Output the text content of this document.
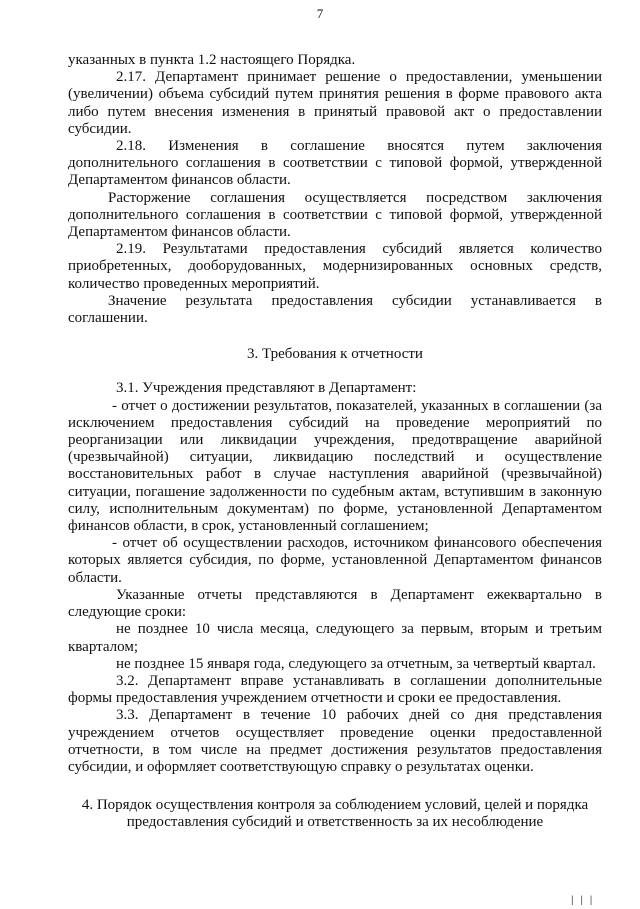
7

указанных в пункта 1.2 настоящего Порядка.

2.17. Департамент принимает решение о предоставлении, уменьшении (увеличении) объема субсидий путем принятия решения в форме правового акта либо путем внесения изменения в принятый правовой акт о предоставлении субсидии.

2.18. Изменения в соглашение вносятся путем заключения дополнительного соглашения в соответствии с типовой формой, утвержденной Департаментом финансов области.

Расторжение соглашения осуществляется посредством заключения дополнительного соглашения в соответствии с типовой формой, утвержденной Департаментом финансов области.

2.19. Результатами предоставления субсидий является количество приобретенных, дооборудованных, модернизированных основных средств, количество проведенных мероприятий.

Значение результата предоставления субсидии устанавливается в соглашении.

3. Требования к отчетности

3.1. Учреждения представляют в Департамент:

- отчет о достижении результатов, показателей, указанных в соглашении (за исключением предоставления субсидий на проведение мероприятий по реорганизации или ликвидации учреждения, предотвращение аварийной (чрезвычайной) ситуации, ликвидацию последствий и осуществление восстановительных работ в случае наступления аварийной (чрезвычайной) ситуации, погашение задолженности по судебным актам, вступившим в законную силу, исполнительным документам) по форме, установленной Департаментом финансов области, в срок, установленный соглашением;

- отчет об осуществлении расходов, источником финансового обеспечения которых является субсидия, по форме, установленной Департаментом финансов области.

Указанные отчеты представляются в Департамент ежеквартально в следующие сроки:

не позднее 10 числа месяца, следующего за первым, вторым и третьим кварталом;

не позднее 15 января года, следующего за отчетным, за четвертый квартал.

3.2. Департамент вправе устанавливать в соглашении дополнительные формы предоставления учреждением отчетности и сроки ее предоставления.

3.3. Департамент в течение 10 рабочих дней со дня представления учреждением отчетов осуществляет проведение оценки предоставленной отчетности, в том числе на предмет достижения результатов предоставления субсидии, и оформляет соответствующую справку о результатах оценки.

4. Порядок осуществления контроля за соблюдением условий, целей и порядка
предоставления субсидий и ответственность за их несоблюдение
| | |
